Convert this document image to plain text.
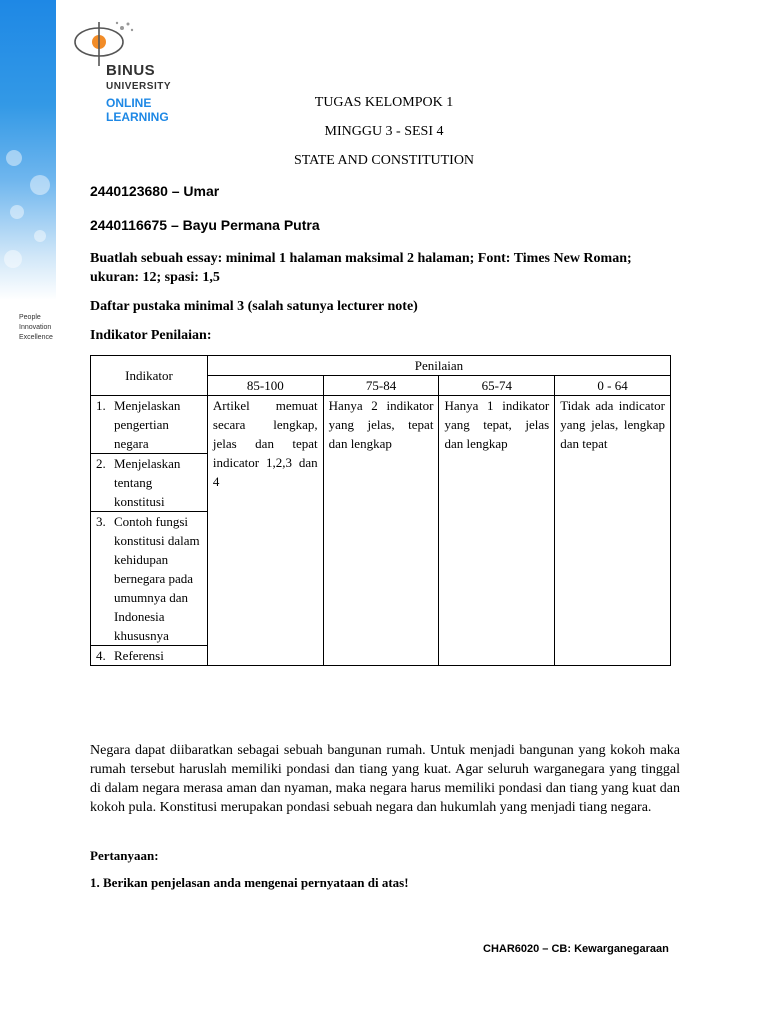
People
Innovation
Excellence
BINUS
UNIVERSITY
ONLINE
LEARNING
TUGAS KELOMPOK 1
MINGGU 3 - SESI 4
STATE AND CONSTITUTION
2440123680 – Umar
2440116675 – Bayu Permana Putra
Buatlah sebuah essay: minimal 1 halaman maksimal 2 halaman; Font: Times New Roman; ukuran: 12; spasi: 1,5
Daftar pustaka minimal 3 (salah satunya lecturer note)
Indikator Penilaian:
Indikator	Penilaian			
	85-100	75-84	65-74	0 - 64

1. Menjelaskan pengertian negara	Artikel memuat secara lengkap, jelas dan tepat indicator 1,2,3 dan 4	Hanya 2 indikator yang jelas, tepat dan lengkap	Hanya 1 indikator yang tepat, jelas dan lengkap	Tidak ada indicator yang jelas, lengkap dan tepat

2. Menjelaskan tentang konstitusi				

3. Contoh fungsi konstitusi dalam kehidupan bernegara pada umumnya dan Indonesia khususnya				

4. Referensi				
Negara dapat diibaratkan sebagai sebuah bangunan rumah. Untuk menjadi bangunan yang kokoh maka rumah tersebut haruslah memiliki pondasi dan tiang yang kuat. Agar seluruh warganegara yang tinggal di dalam negara merasa aman dan nyaman, maka negara harus memiliki pondasi dan tiang yang kuat dan kokoh pula. Konstitusi merupakan pondasi sebuah negara dan hukumlah yang menjadi tiang negara.
Pertanyaan:
1. Berikan penjelasan anda mengenai pernyataan di atas!
CHAR6020 – CB: Kewarganegaraan
